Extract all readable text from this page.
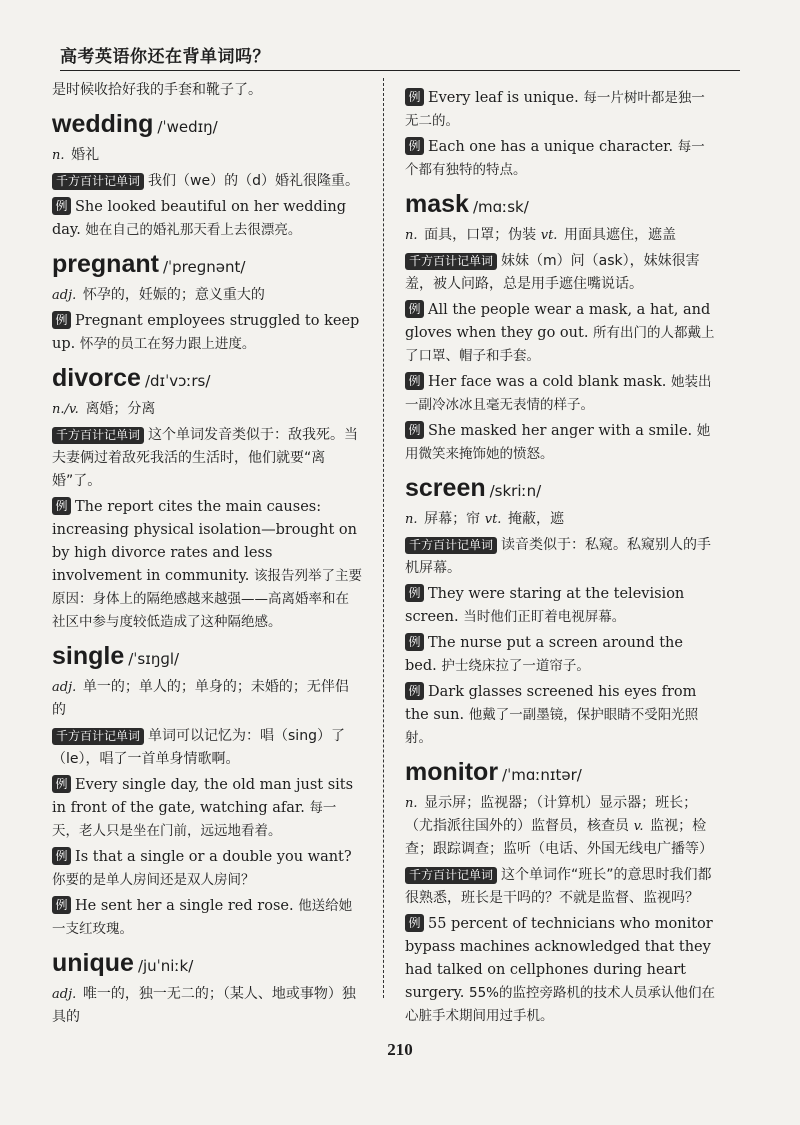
高考英语你还在背单词吗？
是时候收拾好我的手套和靴子了。
wedding /ˈwedɪŋ/
n. 婚礼
千方百计记单词 我们（we）的（d）婚礼很隆重。
例 She looked beautiful on her wedding day. 她在自己的婚礼那天看上去很漂亮。
pregnant /ˈpreɡnənt/
adj. 怀孕的，妊娠的；意义重大的
例 Pregnant employees struggled to keep up. 怀孕的员工在努力跟上进度。
divorce /dɪˈvɔːrs/
n./v. 离婚；分离
千方百计记单词 这个单词发音类似于：敌我死。当夫妻俩过着敌死我活的生活时，他们就要“离婚”了。
例 The report cites the main causes: increasing physical isolation—brought on by high divorce rates and less involvement in community. 该报告列举了主要原因：身体上的隔绝感越来越强——高离婚率和在社区中参与度较低造成了这种隔绝感。
single /ˈsɪŋɡl/
adj. 单一的；单人的；单身的；未婚的；无伴侣的
千方百计记单词 单词可以记忆为：唱（sing）了（le），唱了一首单身情歌啊。
例 Every single day, the old man just sits in front of the gate, watching afar. 每一天，老人只是坐在门前，远远地看着。
例 Is that a single or a double you want? 你要的是单人房间还是双人房间？
例 He sent her a single red rose. 他送给她一支红玫瑰。
unique /juˈniːk/
adj. 唯一的，独一无二的；（某人、地或事物）独具的
例 Every leaf is unique. 每一片树叶都是独一无二的。
例 Each one has a unique character. 每一个都有独特的特点。
mask /mɑːsk/
n. 面具，口罩；伪装 vt. 用面具遮住，遮盖
千方百计记单词 妹妹（m）问（ask），妹妹很害羞，被人问路，总是用手遮住嘴说话。
例 All the people wear a mask, a hat, and gloves when they go out. 所有出门的人都戴上了口罩、帽子和手套。
例 Her face was a cold blank mask. 她装出一副冷冰冰且毫无表情的样子。
例 She masked her anger with a smile. 她用微笑来掩饰她的愤怒。
screen /skriːn/
n. 屏幕；帘 vt. 掩蔽，遮
千方百计记单词 读音类似于：私窥。私窥别人的手机屏幕。
例 They were staring at the television screen. 当时他们正盯着电视屏幕。
例 The nurse put a screen around the bed. 护士绕床拉了一道帘子。
例 Dark glasses screened his eyes from the sun. 他戴了一副墨镜，保护眼睛不受阳光照射。
monitor /ˈmɑːnɪtər/
n. 显示屏；监视器；（计算机）显示器；班长；（尤指派往国外的）监督员，核查员 v. 监视；检查；跟踪调查；监听（电话、外国无线电广播等）
千方百计记单词 这个单词作“班长”的意思时我们都很熟悉，班长是干吗的？不就是监督、监视吗？
例 55 percent of technicians who monitor bypass machines acknowledged that they had talked on cellphones during heart surgery. 55%的监控旁路机的技术人员承认他们在心脏手术期间用过手机。
210
